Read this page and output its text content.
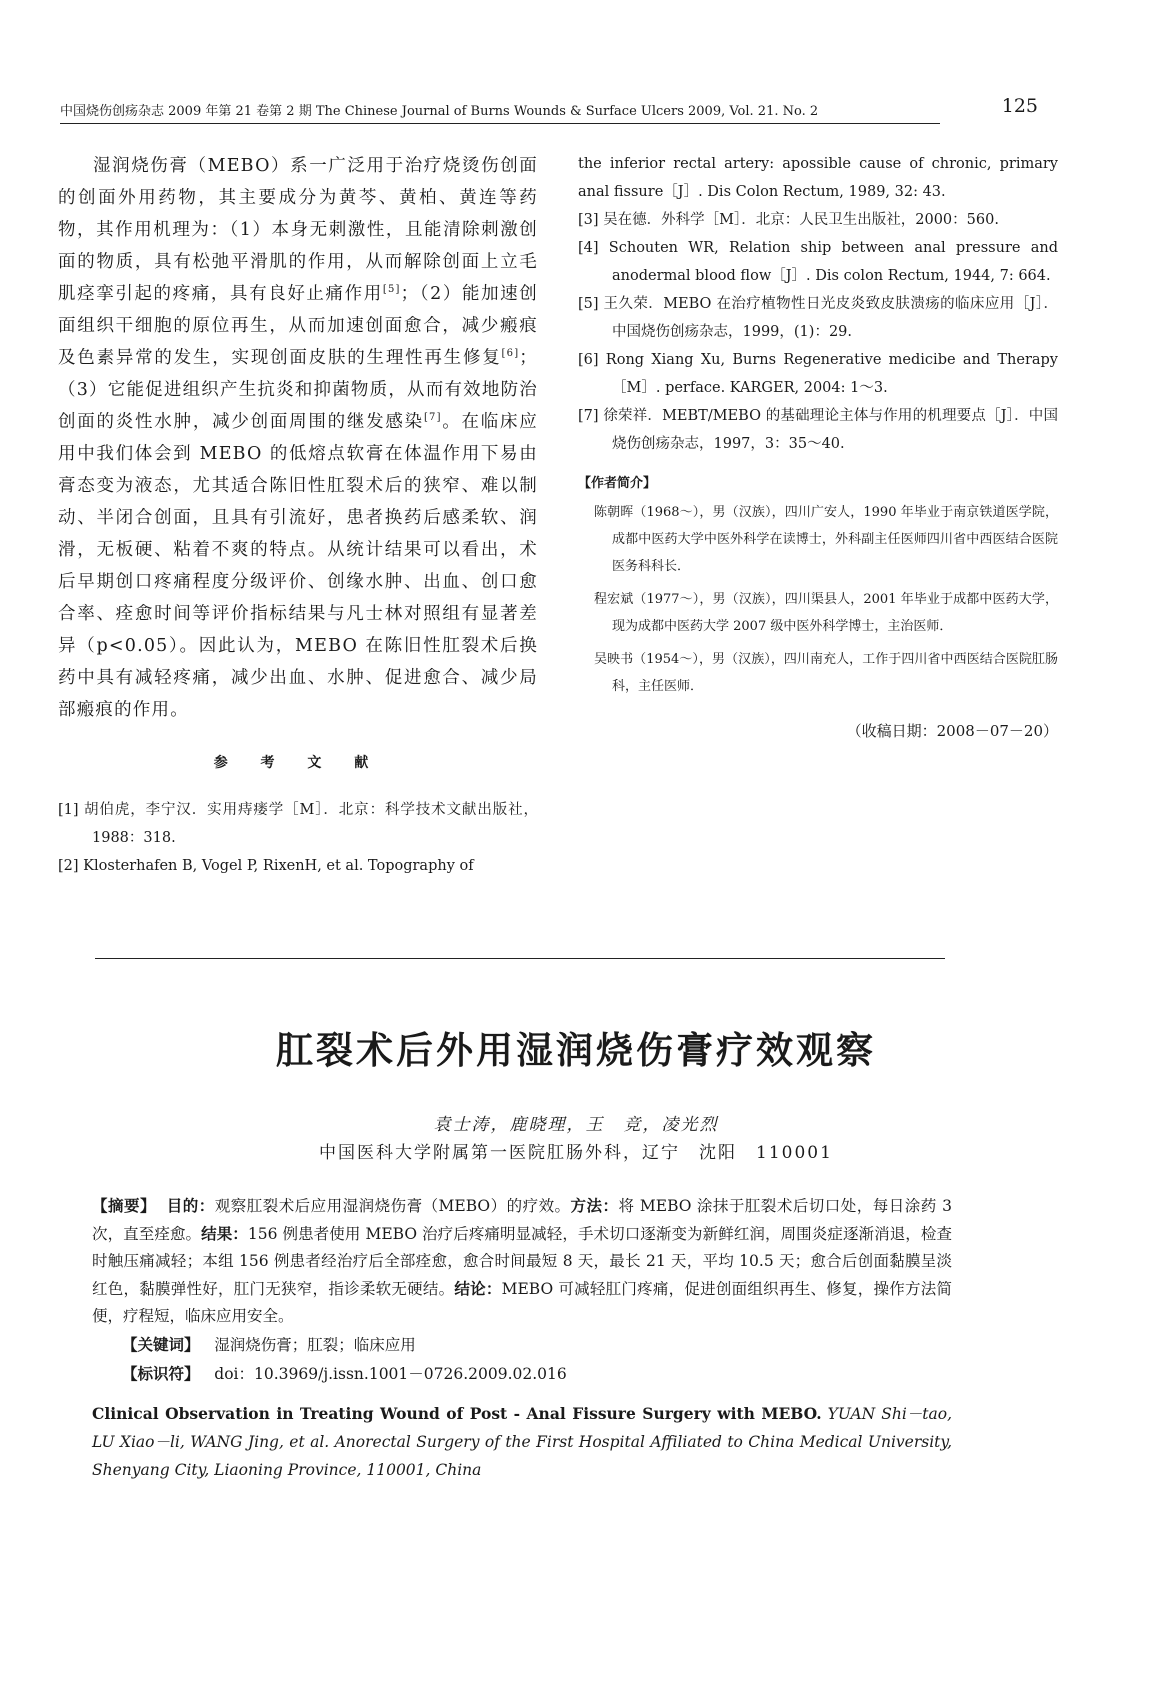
中国烧伤创疡杂志 2009 年第 21 卷第 2 期 The Chinese Journal of Burns Wounds & Surface Ulcers 2009, Vol. 21. No. 2	125

湿润烧伤膏（MEBO）系一广泛用于治疗烧烫伤创面的创面外用药物，其主要成分为黄芩、黄柏、黄连等药物，其作用机理为：（1）本身无刺激性，且能清除刺激创面的物质，具有松弛平滑肌的作用，从而解除创面上立毛肌痉挛引起的疼痛，具有良好止痛作用[5]；（2）能加速创面组织干细胞的原位再生，从而加速创面愈合，减少瘢痕及色素异常的发生，实现创面皮肤的生理性再生修复[6]；（3）它能促进组织产生抗炎和抑菌物质，从而有效地防治创面的炎性水肿，减少创面周围的继发感染[7]。在临床应用中我们体会到 MEBO 的低熔点软膏在体温作用下易由膏态变为液态，尤其适合陈旧性肛裂术后的狭窄、难以制动、半闭合创面，且具有引流好，患者换药后感柔软、润滑，无板硬、粘着不爽的特点。从统计结果可以看出，术后早期创口疼痛程度分级评价、创缘水肿、出血、创口愈合率、痊愈时间等评价指标结果与凡士林对照组有显著差异（p<0.05）。因此认为，MEBO 在陈旧性肛裂术后换药中具有减轻疼痛，减少出血、水肿、促进愈合、减少局部瘢痕的作用。

参 考 文 献

[1] 胡伯虎，李宁汉．实用痔瘘学［M］．北京：科学技术文献出版社，1988：318.

[2] Klosterhafen B, Vogel P, RixenH, et al. Topography of

the inferior rectal artery: apossible cause of chronic, primary anal fissure［J］. Dis Colon Rectum, 1989, 32: 43.

[3] 吴在德．外科学［M］．北京：人民卫生出版社，2000：560.

[4] Schouten WR, Relation ship between anal pressure and anodermal blood flow［J］. Dis colon Rectum, 1944, 7: 664.

[5] 王久荣．MEBO 在治疗植物性日光皮炎致皮肤溃疡的临床应用［J］．中国烧伤创疡杂志，1999，(1)：29.

[6] Rong Xiang Xu, Burns Regenerative medicibe and Therapy［M］. perface. KARGER, 2004: 1～3.

[7] 徐荣祥．MEBT/MEBO 的基础理论主体与作用的机理要点［J］．中国烧伤创疡杂志，1997，3：35～40.

【作者简介】

陈朝晖（1968～），男（汉族），四川广安人，1990 年毕业于南京铁道医学院，成都中医药大学中医外科学在读博士，外科副主任医师四川省中西医结合医院医务科科长．

程宏斌（1977～），男（汉族），四川渠县人，2001 年毕业于成都中医药大学，现为成都中医药大学 2007 级中医外科学博士，主治医师．

吴映书（1954～），男（汉族），四川南充人，工作于四川省中西医结合医院肛肠科，主任医师．

（收稿日期：2008－07－20）
肛裂术后外用湿润烧伤膏疗效观察
袁士涛，鹿晓理，王　竞，凌光烈
中国医科大学附属第一医院肛肠外科，辽宁　沈阳　110001

【摘要】 目的：观察肛裂术后应用湿润烧伤膏（MEBO）的疗效。方法：将 MEBO 涂抹于肛裂术后切口处，每日涂药 3 次，直至痊愈。结果：156 例患者使用 MEBO 治疗后疼痛明显减轻，手术切口逐渐变为新鲜红润，周围炎症逐渐消退，检查时触压痛减轻；本组 156 例患者经治疗后全部痊愈，愈合时间最短 8 天，最长 21 天，平均 10.5 天；愈合后创面黏膜呈淡红色，黏膜弹性好，肛门无狭窄，指诊柔软无硬结。结论：MEBO 可减轻肛门疼痛，促进创面组织再生、修复，操作方法简便，疗程短，临床应用安全。

【关键词】 湿润烧伤膏；肛裂；临床应用

【标识符】 doi：10.3969/j.issn.1001－0726.2009.02.016

Clinical Observation in Treating Wound of Post - Anal Fissure Surgery with MEBO. YUAN Shi－tao, LU Xiao－li, WANG Jing, et al. Anorectal Surgery of the First Hospital Affiliated to China Medical University, Shenyang City, Liaoning Province, 110001, China
